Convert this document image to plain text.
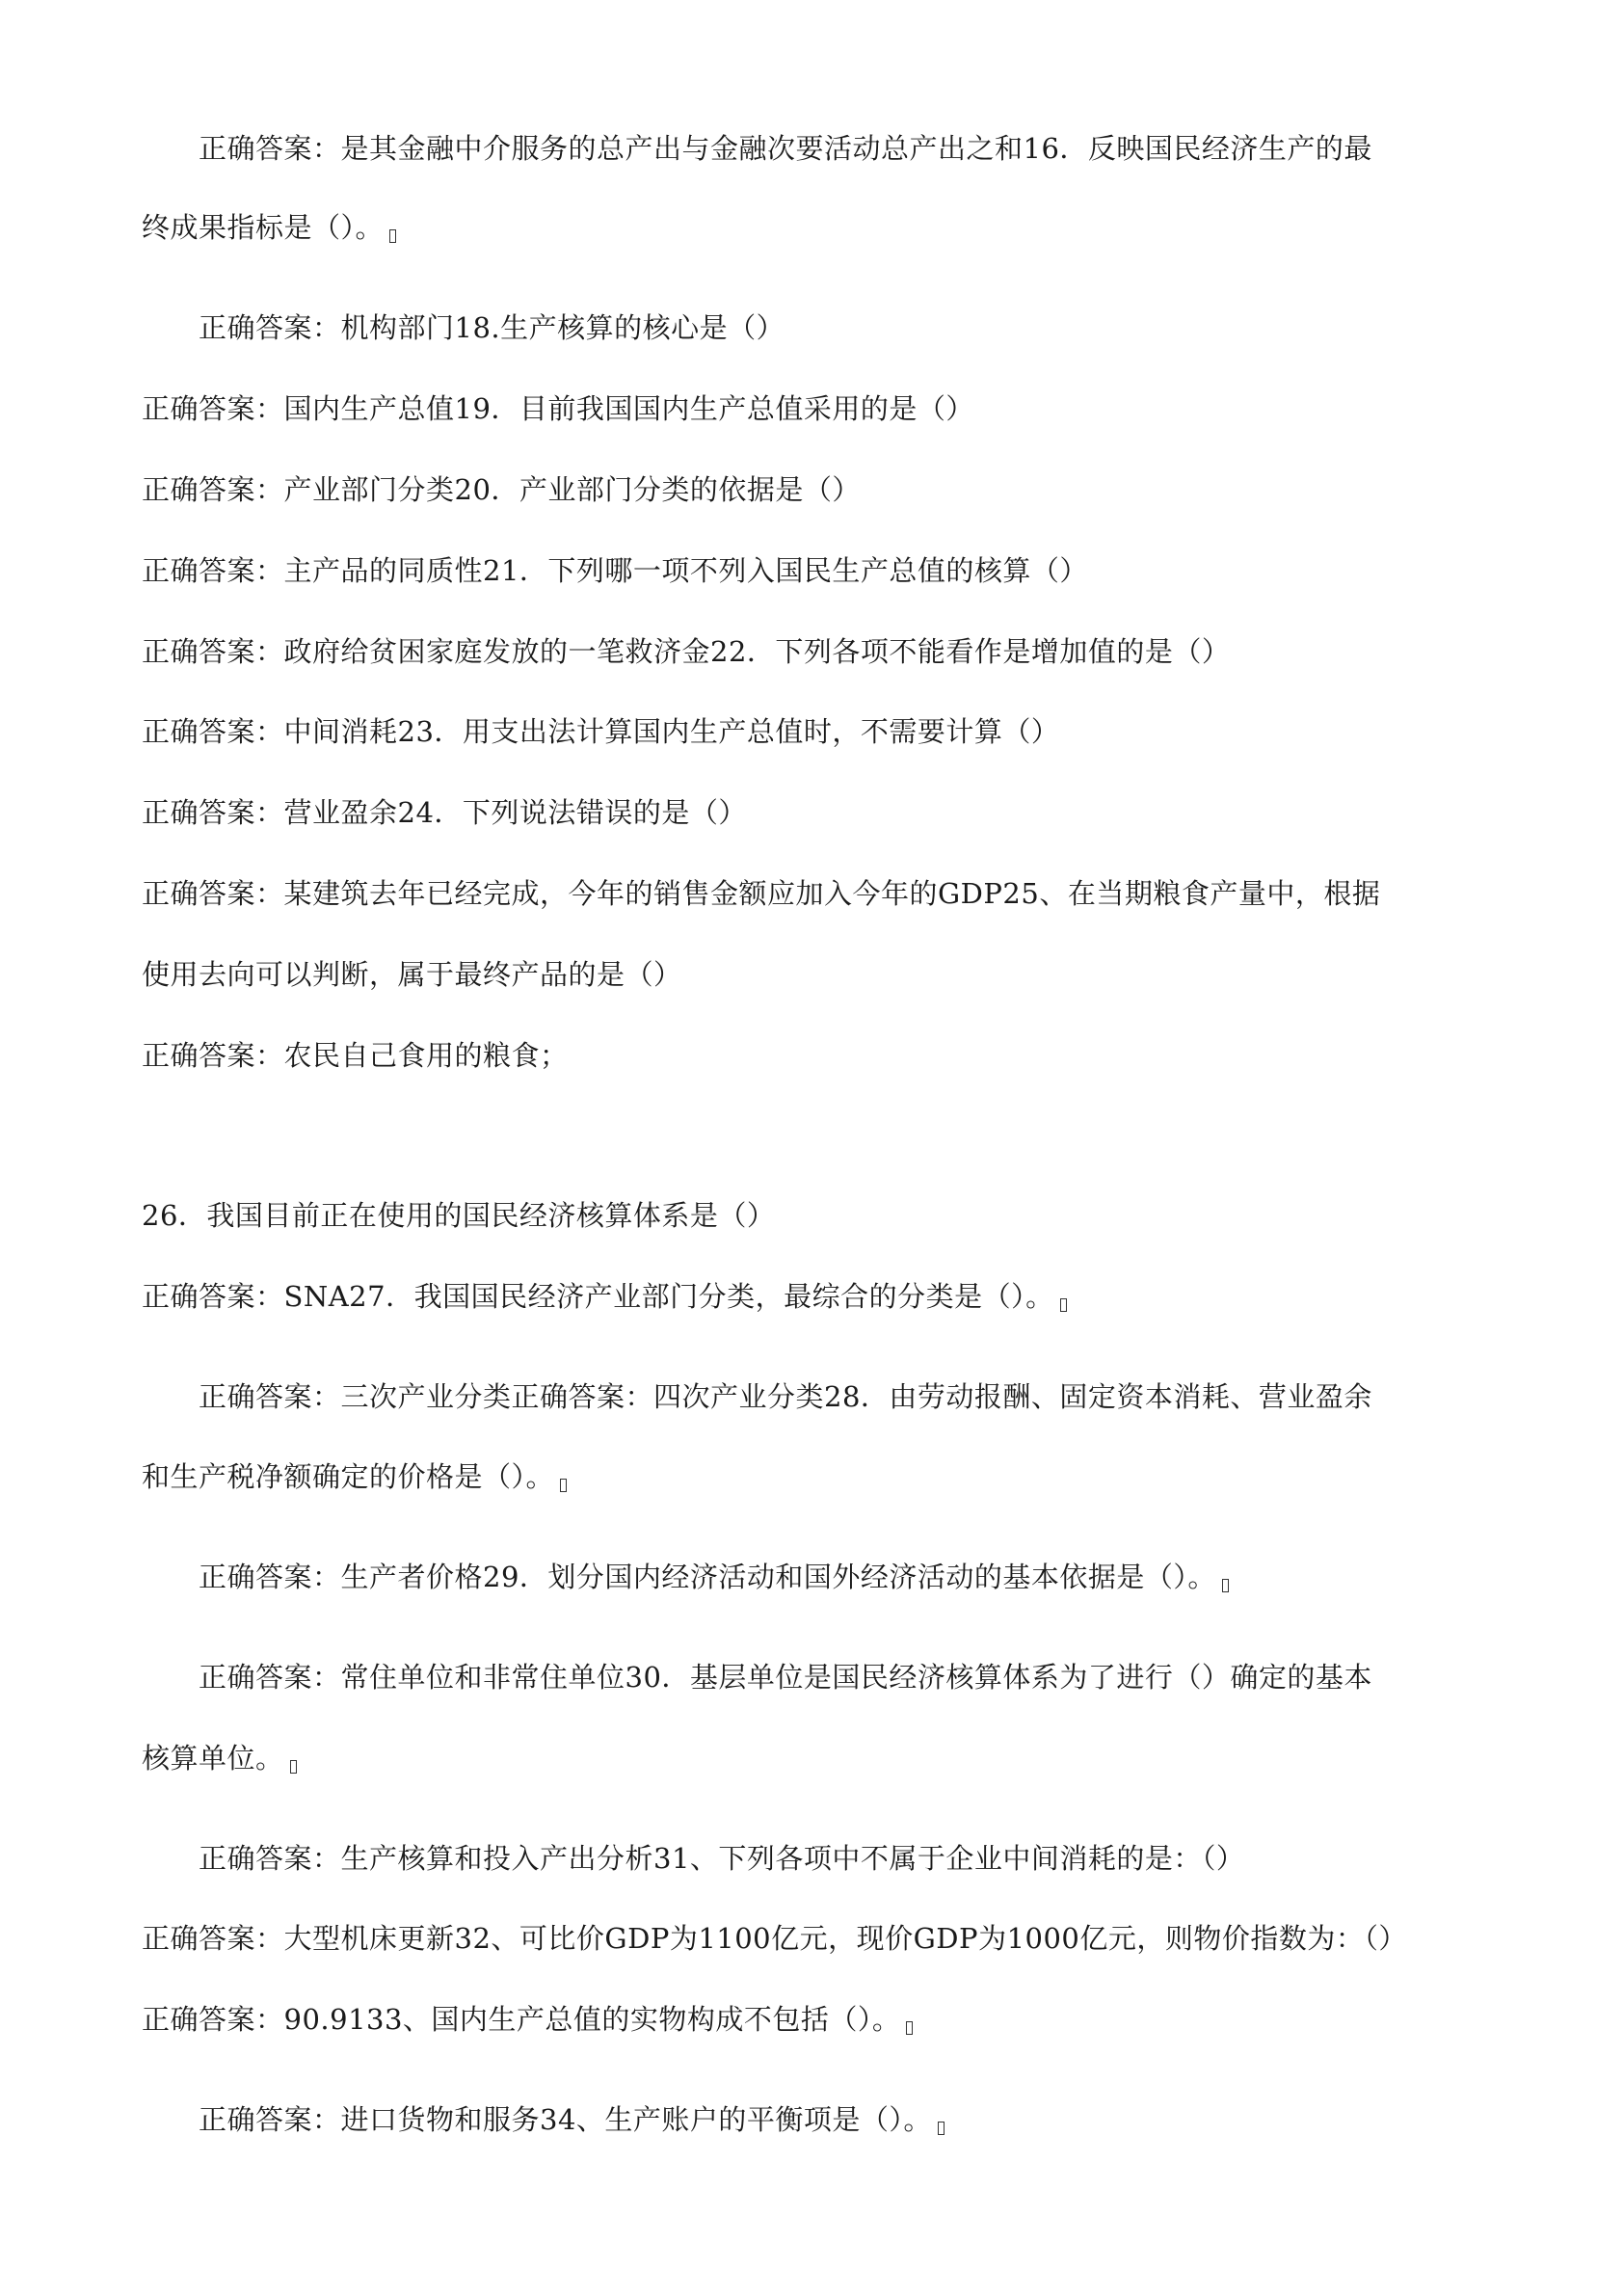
正确答案：是其金融中介服务的总产出与金融次要活动总产出之和16．反映国民经济生产的最
终成果指标是（）。
正确答案：机构部门18.生产核算的核心是（）
正确答案：国内生产总值19．目前我国国内生产总值采用的是（）
正确答案：产业部门分类20．产业部门分类的依据是（）
正确答案：主产品的同质性21．下列哪一项不列入国民生产总值的核算（）
正确答案：政府给贫困家庭发放的一笔救济金22．下列各项不能看作是增加值的是（）
正确答案：中间消耗23．用支出法计算国内生产总值时，不需要计算（）
正确答案：营业盈余24．下列说法错误的是（）
正确答案：某建筑去年已经完成，今年的销售金额应加入今年的GDP25、在当期粮食产量中，根据
使用去向可以判断，属于最终产品的是（）
正确答案：农民自己食用的粮食；
26．我国目前正在使用的国民经济核算体系是（）
正确答案：SNA27．我国国民经济产业部门分类，最综合的分类是（）。
正确答案：三次产业分类正确答案：四次产业分类28．由劳动报酬、固定资本消耗、营业盈余
和生产税净额确定的价格是（）。
正确答案：生产者价格29．划分国内经济活动和国外经济活动的基本依据是（）。
正确答案：常住单位和非常住单位30．基层单位是国民经济核算体系为了进行（）确定的基本
核算单位。
正确答案：生产核算和投入产出分析31、下列各项中不属于企业中间消耗的是：（）
正确答案：大型机床更新32、可比价GDP为1100亿元，现价GDP为1000亿元，则物价指数为：（）
正确答案：90.9133、国内生产总值的实物构成不包括（）。
正确答案：进口货物和服务34、生产账户的平衡项是（）。
